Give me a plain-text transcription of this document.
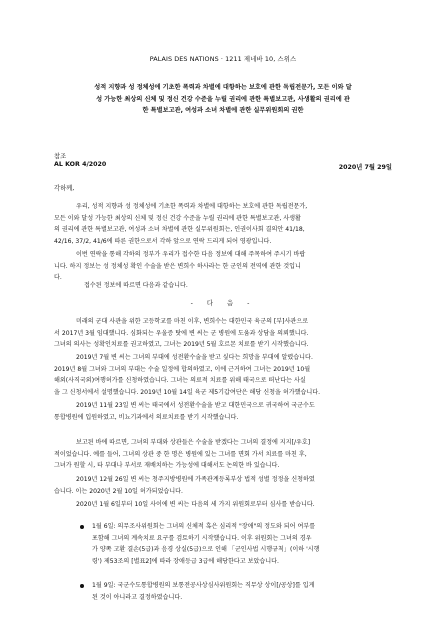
PALAIS DES NATIONS · 1211 제네바 10, 스위스
성적 지향과 성 정체성에 기초한 폭력과 차별에 대항하는 보호에 관한 독립전문가, 모든 이와 달
성 가능한 최상의 신체 및 정신 건강 수준을 누릴 권리에 관한 특별보고관, 사생활의 권리에 관
한 특별보고관, 여성과 소녀 차별에 관한 실무위원회의 권한
참조
AL KOR 4/2020	2020년 7월 29일
각하께,
우리, 성적 지향과 성 정체성에 기초한 폭력과 차별에 대항하는 보호에 관한 독립전문가,
모든 이와 달성 가능한 최상의 신체 및 정신 건강 수준을 누릴 권리에 관한 특별보고관, 사생활
의 권리에 관한 특별보고관, 여성과 소녀 차별에 관한 실무위원회는, 인권이사회 결의안 41/18,
42/16, 37/2, 41/6에 따른 권한으로서 각하 앞으로 연락 드리게 되어 영광입니다.
이번 연락을 통해 각하의 정부가 우리가 접수한 다음 정보에 대해 주목하여 주시기 바랍
니다. 하지 정보는 성 정체성 확인 수술을 받은 변희수 하사라는 한 군인의 전역에 관한 것입니
다.
접수된 정보에 따르면 다음과 같습니다.
- 다 음 -
미래의 군대 사관을 위한 고등학교를 마친 이후, 변희수는 대한민국 육군의 [부]사관으로
서 2017년 3월 임대했니다. 심화되는 우울증 탓에 변 씨는 군 병원에 도움과 상담을 의뢰했니다.
그녀의 의사는 성확인치료를 권고하였고, 그녀는 2019년 5월 호르몬 치료를 받기 시작했습니다.
2019년 7월 변 씨는 그녀의 부대에 성전환수술을 받고 싶다는 희망을 부대에 알렸습니다.
2019년 8월 그녀와 그녀의 부대는 수술 일정에 합의하였고, 이에 근거하여 그녀는 2019년 10월
해외(사직국외)여행허가를 신청하였습니다. 그녀는 의료적 치료를 위해 태국으로 떠난다는 사실
을 그 신청서에서 설명했습니다. 2019년 10월 14일 육군 제5기갑여단은 해당 신청을 허가했습니다.
2019년 11월 23일 변 씨는 태국에서 성전환수술을 받고 대한민국으로 귀국하여 국군수도
통합병원에 입원하였고, 비뇨기과에서 의료치료를 받기 시작했습니다.
보고된 바에 따르면, 그녀의 부대와 상관들은 수술을 받겠다는 그녀의 결정에 지지[/우호]
적이었습니다. 예를 들어, 그녀의 상관 중 한 명은 병원에 있는 그녀를 면회 가서 치료를 마친 후,
그녀가 원할 시, 타 부대나 부서로 재배치하는 가능성에 대해서도 논의한 바 있습니다.
2019년 12월 26일 변 씨는 청주지방병원에 가족관계등록부상 법적 성별 정정을 신청하였
습니다. 이는 2020년 2월 10일 허가되었습니다.
2020년 1월 6일부터 10일 사이에 변 씨는 다음의 세 가지 위원회로부터 심사를 받습니다.
1월 6일: 의무조사위원회는 그녀의 신체적 혹은 심리적 "장애"의 정도와 되어 여부를
포함해 그녀의 계속치료 요구를 검토하기 시작했습니다. 이후 위원회는 그녀의 경우
가 양쪽 고환 결손(5급)과 음경 상실(5급)으로 인해 「군인사법 시행규칙」(이하 '시행
령') 제53조의 [별표2]에 따라 장애등급 3급에 해당한다고 보았습니다.
1월 9일: 국군수도통합병원의 보통전공사상심사위원회는 직무상 상이[/공상]를 입게
된 것이 아니라고 결정하였습니다.
